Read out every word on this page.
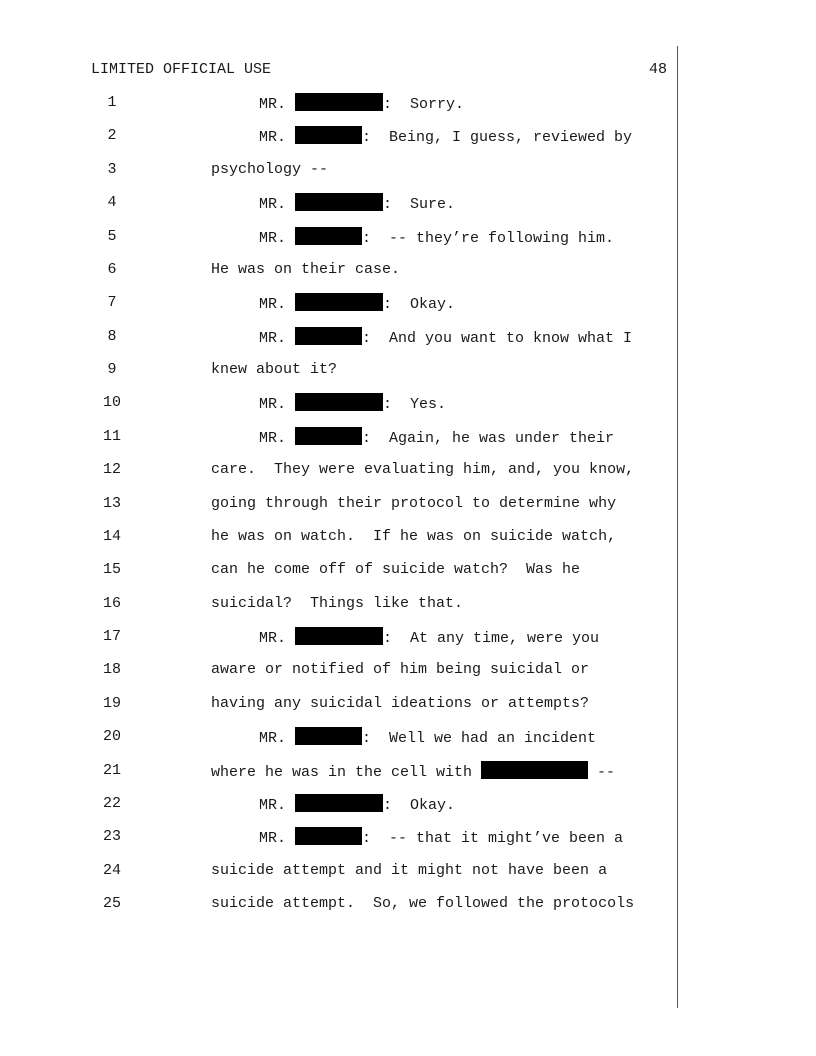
LIMITED OFFICIAL USE	48
1	MR.	:  Sorry.
2	MR.	:  Being, I guess, reviewed by
3	psychology --
4	MR.	:  Sure.
5	MR.	:  -- they’re following him.
6	He was on their case.
7	MR.	:  Okay.
8	MR.	:  And you want to know what I
9	knew about it?
10	MR.	:  Yes.
11	MR.	:  Again, he was under their
12	care.  They were evaluating him, and, you know,
13	going through their protocol to determine why
14	he was on watch.  If he was on suicide watch,
15	can he come off of suicide watch?  Was he
16	suicidal?  Things like that.
17	MR.	:  At any time, were you
18	aware or notified of him being suicidal or
19	having any suicidal ideations or attempts?
20	MR.	:  Well we had an incident
21	where he was in the cell with	--
22	MR.	:  Okay.
23	MR.	:  -- that it might’ve been a
24	suicide attempt and it might not have been a
25	suicide attempt.  So, we followed the protocols
